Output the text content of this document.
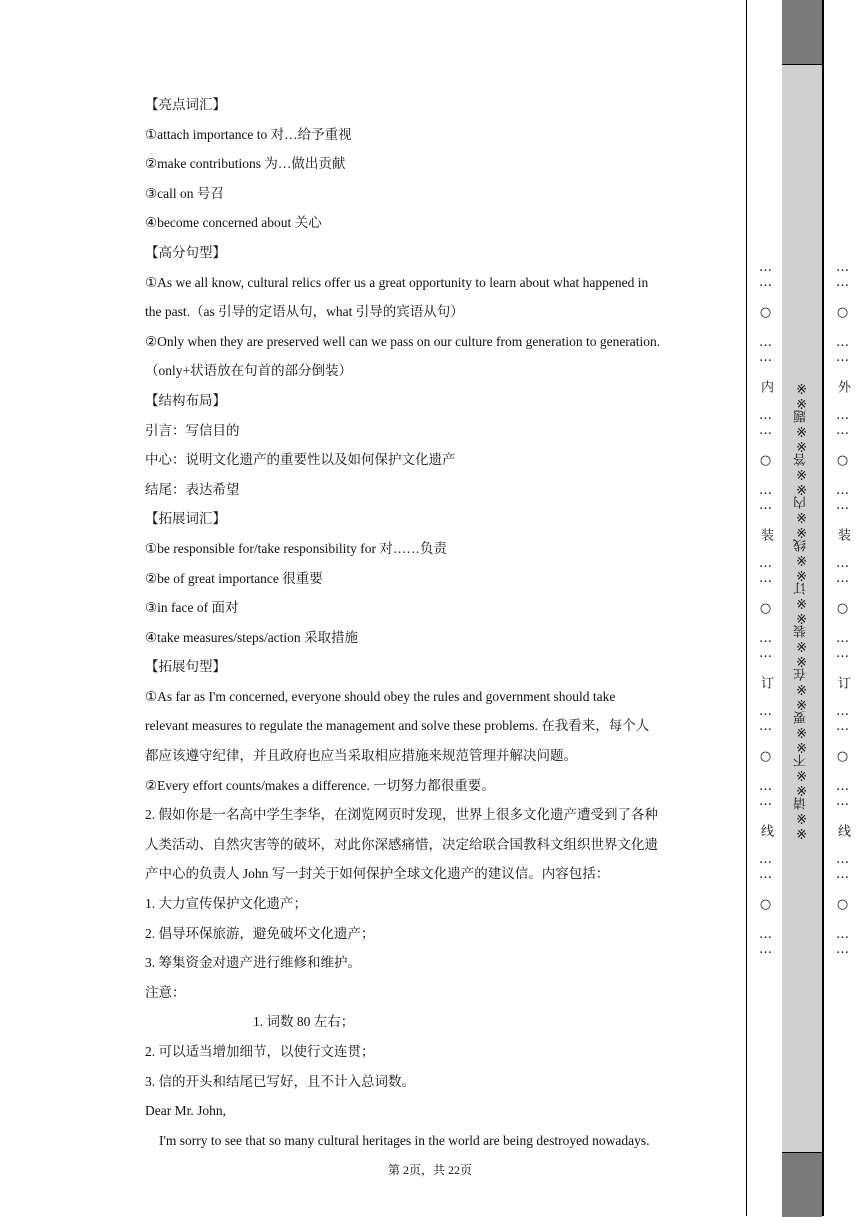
【亮点词汇】
①attach importance to 对…给予重视
②make contributions 为…做出贡献
③call on 号召
④become concerned about 关心
【高分句型】
①As we all know, cultural relics offer us a great opportunity to learn about what happened in
the past.（as 引导的定语从句，what 引导的宾语从句）
②Only when they are preserved well can we pass on our culture from generation to generation.
（only+状语放在句首的部分倒装）
【结构布局】
引言：写信目的
中心：说明文化遗产的重要性以及如何保护文化遗产
结尾：表达希望
【拓展词汇】
①be responsible for/take responsibility for 对……负责
②be of great importance 很重要
③in face of 面对
④take measures/steps/action 采取措施
【拓展句型】
①As far as I'm concerned, everyone should obey the rules and government should take
relevant measures to regulate the management and solve these problems. 在我看来，每个人
都应该遵守纪律，并且政府也应当采取相应措施来规范管理并解决问题。
②Every effort counts/makes a difference. 一切努力都很重要。
2. 假如你是一名高中学生李华，在浏览网页时发现，世界上很多文化遗产遭受到了各种
人类活动、自然灾害等的破坏，对此你深感痛惜，决定给联合国教科文组织世界文化遗
产中心的负责人 John 写一封关于如何保护全球文化遗产的建议信。内容包括：
1. 大力宣传保护文化遗产；
2. 倡导环保旅游，避免破坏文化遗产；
3. 筹集资金对遗产进行维修和维护。
注意：
1. 词数 80 左右；
2. 可以适当增加细节，以使行文连贯；
3. 信的开头和结尾已写好，且不计入总词数。
Dear Mr. John,
I'm sorry to see that so many cultural heritages in the world are being destroyed nowadays.
第 2页，共 22页
…… ○ …… 内 …… ○ …… 装 …… ○ …… 订 …… ○ …… 线 …… ○ ……	※※请※※不※※要※※在※※装※※订※※线※※内※※答※※题※※	…… ○ …… 外 …… ○ …… 装 …… ○ …… 订 …… ○ …… 线 …… ○ ……
